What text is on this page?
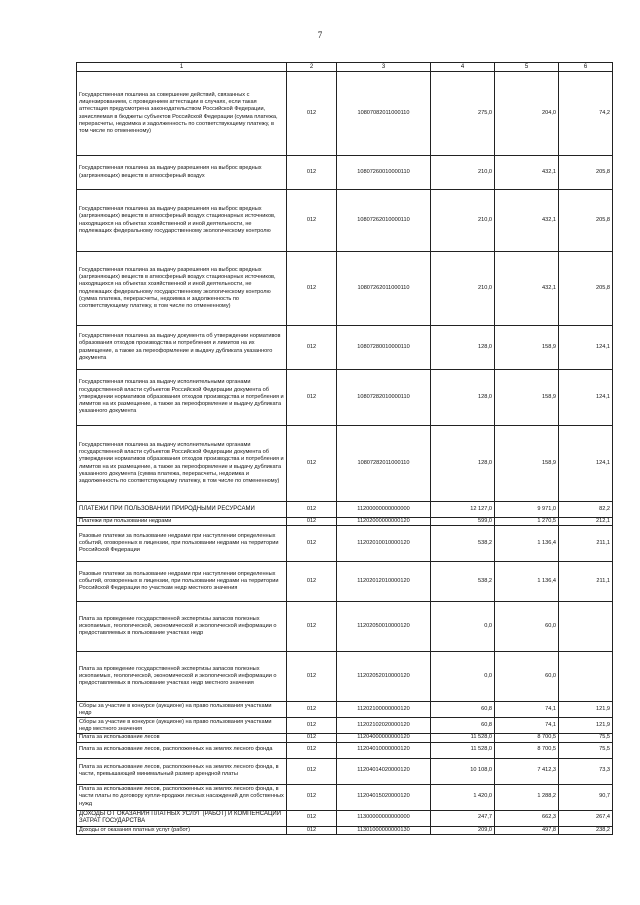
7
1	2	3	4	5	6
Государственная пошлина за совершение действий, связанных с лицензированием, с проведением аттестации в случаях, если такая аттестация предусмотрена законодательством Российской Федерации, зачисляемая в бюджеты субъектов Российской Федерации (сумма платежа, перерасчеты, недоимка и задолженность по соответствующему платежу, в том числе по отмененному)	012	10807082011000110	275,0	204,0	74,2
Государственная пошлина за выдачу разрешения на выброс вредных (загрязняющих) веществ в атмосферный воздух	012	10807260010000110	210,0	432,1	205,8
Государственная пошлина за выдачу разрешения на выброс вредных (загрязняющих) веществ в атмосферный воздух стационарных источников, находящихся на объектах хозяйственной и иной деятельности, не подлежащих федеральному государственному экологическому контролю	012	10807262010000110	210,0	432,1	205,8
Государственная пошлина за выдачу разрешения на выброс вредных (загрязняющих) веществ в атмосферный воздух стационарных источников, находящихся на объектах хозяйственной и иной деятельности, не подлежащих федеральному государственному экологическому контролю (сумма платежа, перерасчеты, недоимка и задолженность по соответствующему платежу, в том числе по отмененному)	012	10807262011000110	210,0	432,1	205,8
Государственная пошлина за выдачу документа об утверждении нормативов образования отходов производства и потребления и лимитов на их размещение, а также за переоформление и выдачу дубликата указанного документа	012	10807280010000110	128,0	158,9	124,1
Государственная пошлина за выдачу исполнительными органами государственной власти субъектов Российской Федерации документа об утверждении нормативов образования отходов производства и потребления и лимитов на их размещение, а также за переоформление и выдачу дубликата указанного документа	012	10807282010000110	128,0	158,9	124,1
Государственная пошлина за выдачу исполнительными органами государственной власти субъектов Российской Федерации документа об утверждении нормативов образования отходов производства и потребления и лимитов на их размещение, а также за переоформление и выдачу дубликата указанного документа (сумма платежа, перерасчеты, недоимка и задолженность по соответствующему платежу, в том числе по отмененному)	012	10807282011000110	128,0	158,9	124,1
ПЛАТЕЖИ ПРИ ПОЛЬЗОВАНИИ ПРИРОДНЫМИ РЕСУРСАМИ	012	11200000000000000	12 127,0	9 971,0	82,2
Платежи при пользовании недрами	012	11202000000000120	599,0	1 270,5	212,1
Разовые платежи за пользование недрами при наступлении определенных событий, оговоренных в лицензии, при пользовании недрами на территории Российской Федерации	012	11202010010000120	538,2	1 136,4	211,1
Разовые платежи за пользование недрами при наступлении определенных событий, оговоренных в лицензии, при пользовании недрами на территории Российской Федерации по участкам недр местного значения	012	11202012010000120	538,2	1 136,4	211,1
Плата за проведение государственной экспертизы запасов полезных ископаемых, геологической, экономической и экологической информации о предоставляемых в пользование участках недр	012	11202050010000120	0,0	60,0	
Плата за проведение государственной экспертизы запасов полезных ископаемых, геологической, экономической и экологической информации о предоставляемых в пользование участках недр местного значения	012	11202052010000120	0,0	60,0	
Сборы за участие в конкурсе (аукционе) на право пользования участками недр	012	11202100000000120	60,8	74,1	121,9
Сборы за участие в конкурсе (аукционе) на право пользования участками недр местного значения	012	11202102020000120	60,8	74,1	121,9
Плата за использование лесов	012	11204000000000120	11 528,0	8 700,5	75,5
Плата за использование лесов, расположенных на землях лесного фонда	012	11204010000000120	11 528,0	8 700,5	75,5
Плата за использование лесов, расположенных на землях лесного фонда, в части, превышающей минимальный размер арендной платы	012	11204014020000120	10 108,0	7 412,3	73,3
Плата за использование лесов, расположенных на землях лесного фонда, в части платы по договору купли-продажи лесных насаждений для собственных нужд	012	11204015020000120	1 420,0	1 288,2	90,7
ДОХОДЫ ОТ ОКАЗАНИЯ ПЛАТНЫХ УСЛУГ (РАБОТ) И КОМПЕНСАЦИИ ЗАТРАТ ГОСУДАРСТВА	012	11300000000000000	247,7	662,3	267,4
Доходы от оказания платных услуг (работ)	012	11301000000000130	209,0	497,8	238,2
